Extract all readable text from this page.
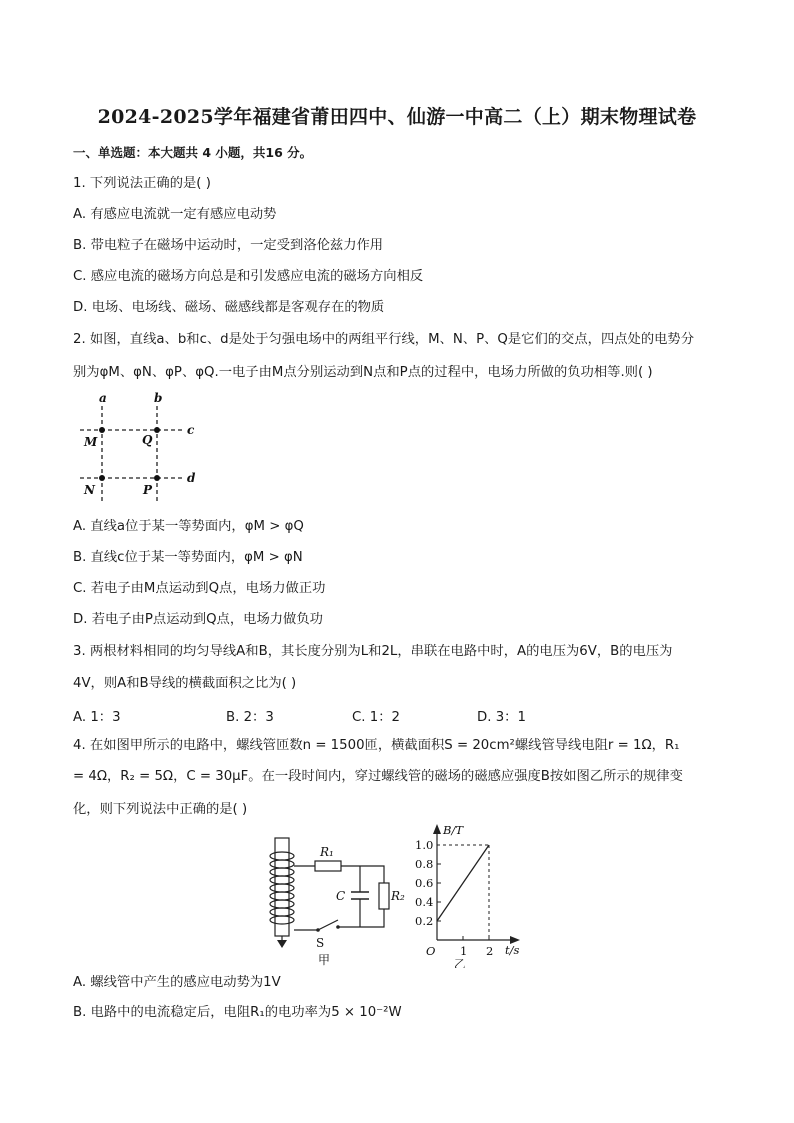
2024-2025学年福建省莆田四中、仙游一中高二（上）期末物理试卷
一、单选题：本大题共 4 小题，共16 分。
1. 下列说法正确的是( )
A. 有感应电流就一定有感应电动势
B. 带电粒子在磁场中运动时，一定受到洛伦兹力作用
C. 感应电流的磁场方向总是和引发感应电流的磁场方向相反
D. 电场、电场线、磁场、磁感线都是客观存在的物质
2. 如图，直线a、b和c、d是处于匀强电场中的两组平行线，M、N、P、Q是它们的交点，四点处的电势分
别为φM、φN、φP、φQ.一电子由M点分别运动到N点和P点的过程中，电场力所做的负功相等.则( )
a	b
c
d
M	Q
N	P
A. 直线a位于某一等势面内，φM > φQ
B. 直线c位于某一等势面内，φM > φN
C. 若电子由M点运动到Q点，电场力做正功
D. 若电子由P点运动到Q点，电场力做负功
3. 两根材料相同的均匀导线A和B，其长度分别为L和2L，串联在电路中时，A的电压为6V，B的电压为
4V，则A和B导线的横截面积之比为( )
A. 1：3	B. 2：3	C. 1：2	D. 3：1
4. 在如图甲所示的电路中，螺线管匝数n = 1500匝，横截面积S = 20cm²螺线管导线电阻r = 1Ω，R₁
= 4Ω，R₂ = 5Ω，C = 30μF。在一段时间内，穿过螺线管的磁场的磁感应强度B按如图乙所示的规律变
化，则下列说法中正确的是( )
R₁
C	R₂
S
甲
B/T
t/s
O
1.0
0.8
0.6
0.4
0.2
1 2
乙
A. 螺线管中产生的感应电动势为1V
B. 电路中的电流稳定后，电阻R₁的电功率为5 × 10⁻²W
